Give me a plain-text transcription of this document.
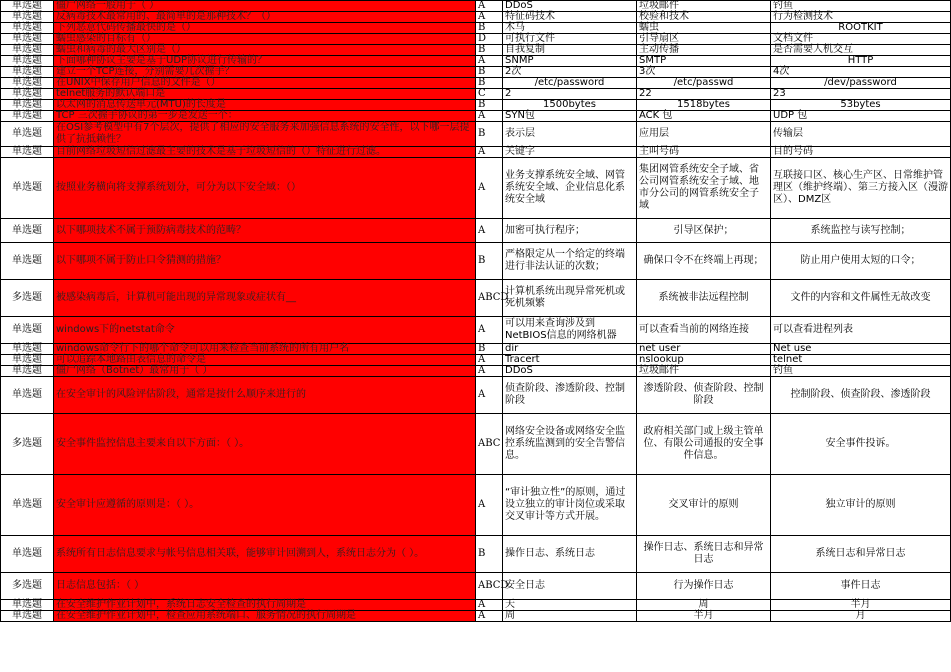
单选题	僵尸网络一般用于（ ）	A	DDoS	垃圾邮件	钓鱼
单选题	反病毒技术最常用的、最简单的是那种技术？（）	A	特征码技术	校验和技术	行为检测技术
单选题	下列恶意代码传播最快的是（）	B	木马	蠕虫	ROOTKIT
单选题	蠕虫感染的目标有（）	D	可执行文件	引导扇区	文档文件
单选题	蠕虫和病毒的最大区别是（）	B	自我复制	主动传播	是否需要人机交互
单选题	下面哪种协议主要是基于UDP协议进行传输的？	A	SNMP	SMTP	HTTP
单选题	建立一个TCP连接，分别需要几次握手？	B	2次	3次	4次
单选题	在UNIX中保存用户信息的文件是（）	B	/etc/password	/etc/passwd	/dev/password
单选题	telnet服务的默认端口是	C	2	22	23
单选题	以太网的消息传送单元(MTU)的长度是	B	1500bytes	1518bytes	53bytes
单选题	TCP 三次握手协议的第一步是发送一个：	A	SYN包	ACK 包	UDP 包
单选题	在OSI参考模型中有7个层次，提供了相应的安全服务来加强信息系统的安全性，以下哪一层提供了抗抵赖性？	B	表示层	应用层	传输层
单选题	目前网络垃圾短信过滤最主要的技术是基于垃圾短信的（）特征进行过滤。	A	关键字	主叫号码	目的号码
单选题	按照业务横向将支撑系统划分，可分为以下安全域：（）	A	业务支撑系统安全域、网管系统安全域、企业信息化系统安全域	集团网管系统安全子域、省公司网管系统安全子域、地市分公司的网管系统安全子域	互联接口区、核心生产区、日常维护管理区（维护终端）、第三方接入区（漫游区）、DMZ区
单选题	以下哪项技术不属于预防病毒技术的范畴？	A	加密可执行程序；	引导区保护；	系统监控与读写控制；
单选题	以下哪项不属于防止口令猜测的措施？	B	严格限定从一个给定的终端进行非法认证的次数；	确保口令不在终端上再现；	防止用户使用太短的口令；
多选题	被感染病毒后，计算机可能出现的异常现象或症状有__	ABCD	计算机系统出现异常死机或死机频繁	系统被非法远程控制	文件的内容和文件属性无故改变
单选题	windows下的netstat命令	A	可以用来查询涉及到NetBIOS信息的网络机器	可以查看当前的网络连接	可以查看进程列表
单选题	windows命令行下的哪个命令可以用来检查当前系统的所有用户名	B	dir	net user	Net use
单选题	可以追踪本地路由表信息的命令是	A	Tracert	nslookup	telnet
单选题	僵尸网络（Botnet）最常用于（ ）	A	DDoS	垃圾邮件	钓鱼
单选题	在安全审计的风险评估阶段，通常是按什么顺序来进行的	A	侦查阶段、渗透阶段、控制阶段	渗透阶段、侦查阶段、控制阶段	控制阶段、侦查阶段、渗透阶段
多选题	安全事件监控信息主要来自以下方面：（ ）。	ABC	网络安全设备或网络安全监控系统监测到的安全告警信息。	政府相关部门或上级主管单位、有限公司通报的安全事件信息。	安全事件投诉。
单选题	安全审计应遵循的原则是：（ ）。	A	“审计独立性”的原则，通过设立独立的审计岗位或采取交叉审计等方式开展。	交叉审计的原则	独立审计的原则
单选题	系统所有日志信息要求与帐号信息相关联，能够审计回溯到人，系统日志分为（ ）。	B	操作日志、系统日志	操作日志、系统日志和异常日志	系统日志和异常日志
多选题	日志信息包括：（ ）	ABCD	安全日志	行为操作日志	事件日志
单选题	在安全维护作业计划中，系统日志安全检查的执行周期是	A	天	周	半月
单选题	在安全维护作业计划中，检查应用系统端口、服务情况的执行周期是	A	周	半月	月
